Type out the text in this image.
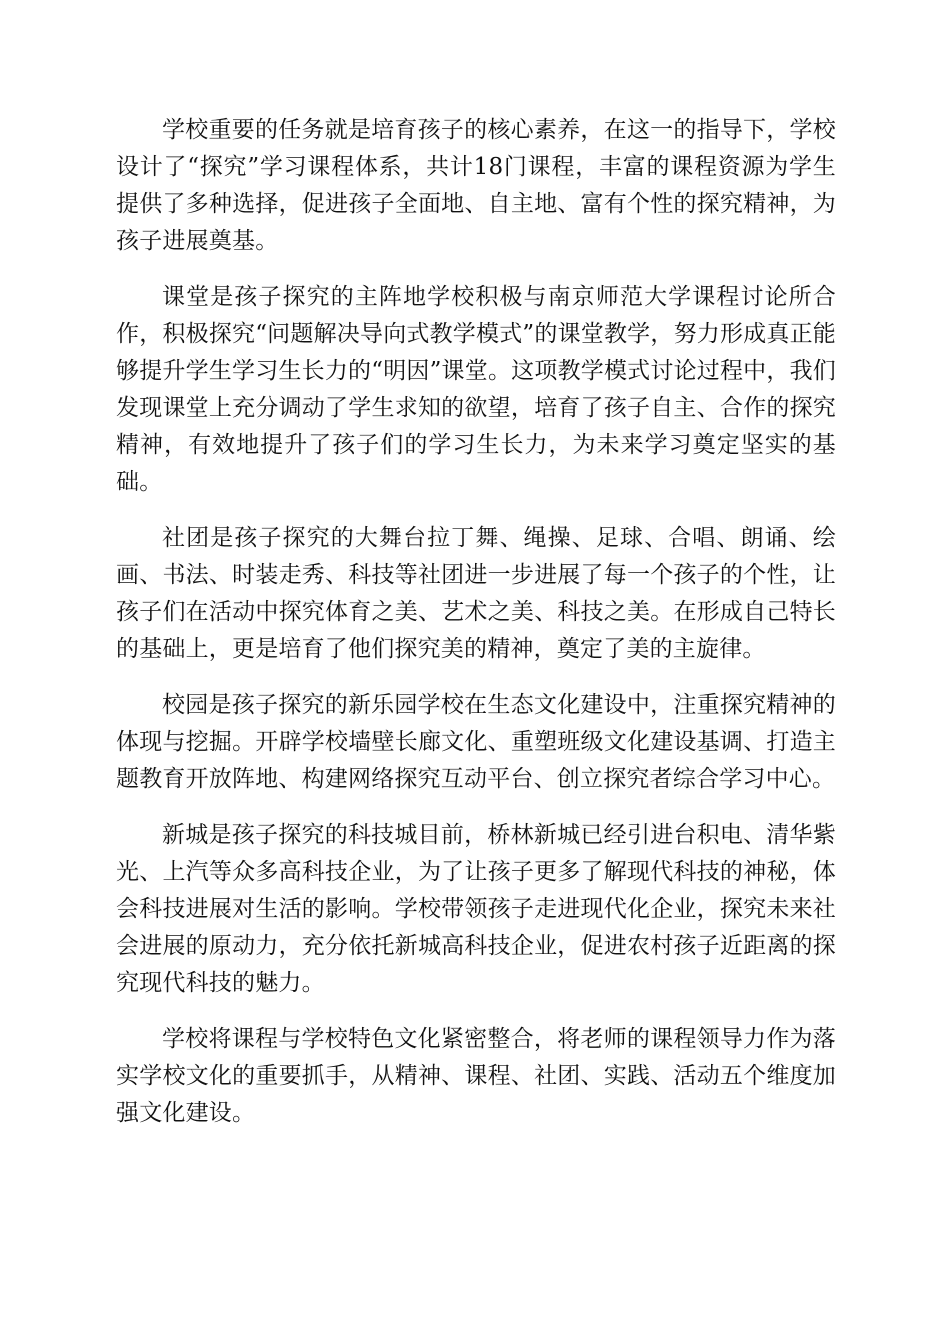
学校重要的任务就是培育孩子的核心素养，在这一的指导下，学校设计了“探究”学习课程体系，共计18门课程，丰富的课程资源为学生提供了多种选择，促进孩子全面地、自主地、富有个性的探究精神，为孩子进展奠基。

课堂是孩子探究的主阵地学校积极与南京师范大学课程讨论所合作，积极探究“问题解决导向式教学模式”的课堂教学，努力形成真正能够提升学生学习生长力的“明因”课堂。这项教学模式讨论过程中，我们发现课堂上充分调动了学生求知的欲望，培育了孩子自主、合作的探究精神，有效地提升了孩子们的学习生长力，为未来学习奠定坚实的基础。

社团是孩子探究的大舞台拉丁舞、绳操、足球、合唱、朗诵、绘画、书法、时装走秀、科技等社团进一步进展了每一个孩子的个性，让孩子们在活动中探究体育之美、艺术之美、科技之美。在形成自己特长的基础上，更是培育了他们探究美的精神，奠定了美的主旋律。

校园是孩子探究的新乐园学校在生态文化建设中，注重探究精神的体现与挖掘。开辟学校墙壁长廊文化、重塑班级文化建设基调、打造主题教育开放阵地、构建网络探究互动平台、创立探究者综合学习中心。

新城是孩子探究的科技城目前，桥林新城已经引进台积电、清华紫光、上汽等众多高科技企业，为了让孩子更多了解现代科技的神秘，体会科技进展对生活的影响。学校带领孩子走进现代化企业，探究未来社会进展的原动力，充分依托新城高科技企业，促进农村孩子近距离的探究现代科技的魅力。

学校将课程与学校特色文化紧密整合，将老师的课程领导力作为落实学校文化的重要抓手，从精神、课程、社团、实践、活动五个维度加强文化建设。
